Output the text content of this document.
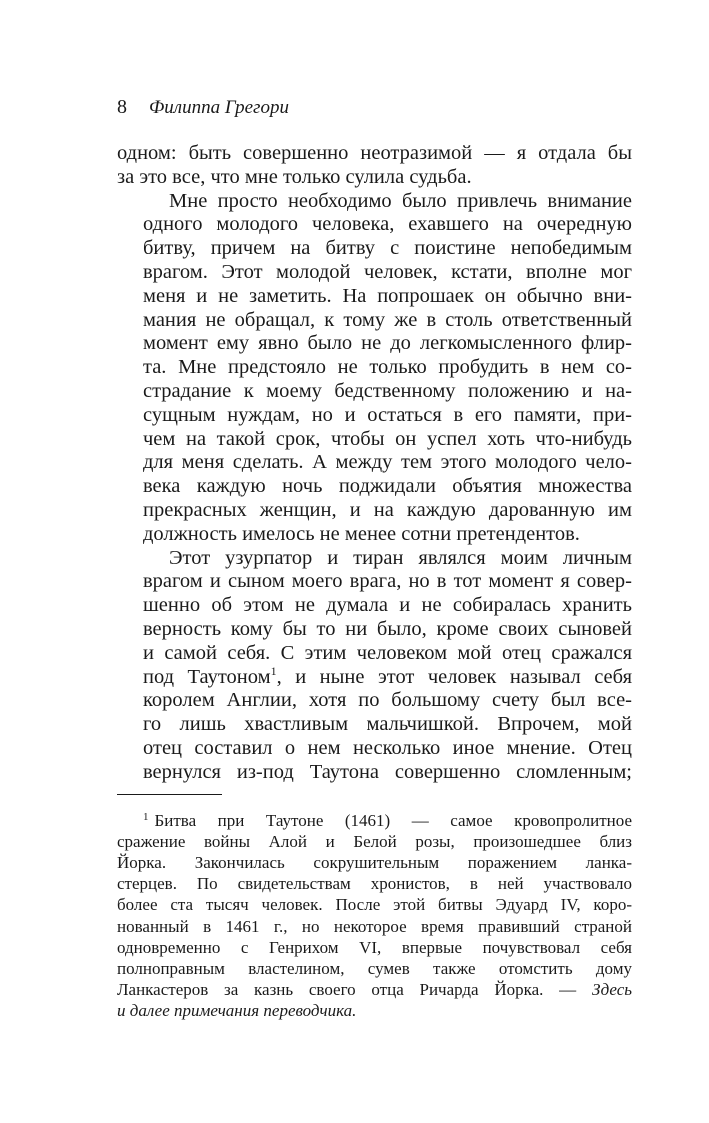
8 Филиппа Грегори

одном: быть совершенно неотразимой — я отдала бы
за это все, что мне только сулила судьба.

Мне просто необходимо было привлечь внимание
одного молодого человека, ехавшего на очередную
битву, причем на битву с поистине непобедимым
врагом. Этот молодой человек, кстати, вполне мог
меня и не заметить. На попрошаек он обычно вни-
мания не обращал, к тому же в столь ответственный
момент ему явно было не до легкомысленного флир-
та. Мне предстояло не только пробудить в нем со-
страдание к моему бедственному положению и на-
сущным нуждам, но и остаться в его памяти, при-
чем на такой срок, чтобы он успел хоть что-нибудь
для меня сделать. А между тем этого молодого чело-
века каждую ночь поджидали объятия множества
прекрасных женщин, и на каждую дарованную им
должность имелось не менее сотни претендентов.

Этот узурпатор и тиран являлся моим личным
врагом и сыном моего врага, но в тот момент я совер-
шенно об этом не думала и не собиралась хранить
верность кому бы то ни было, кроме своих сыновей
и самой себя. С этим человеком мой отец сражался
под Таутоном$^1$, и ныне этот человек называл себя
королем Англии, хотя по большому счету был все-
го лишь хвастливым мальчишкой. Впрочем, мой
отец составил о нем несколько иное мнение. Отец
вернулся из-под Таутона совершенно сломленным;

$^1$ Битва при Таутоне (1461) — самое кровопролитное
сражение войны Алой и Белой розы, произошедшее близ
Йорка. Закончилась сокрушительным поражением ланка-
стерцев. По свидетельствам хронистов, в ней участвовало
более ста тысяч человек. После этой битвы Эдуард IV, коро-
нованный в 1461 г., но некоторое время правивший страной
одновременно с Генрихом VI, впервые почувствовал себя
полноправным властелином, сумев также отомстить дому
Ланкастеров за казнь своего отца Ричарда Йорка. — Здесь
и далее примечания переводчика.
